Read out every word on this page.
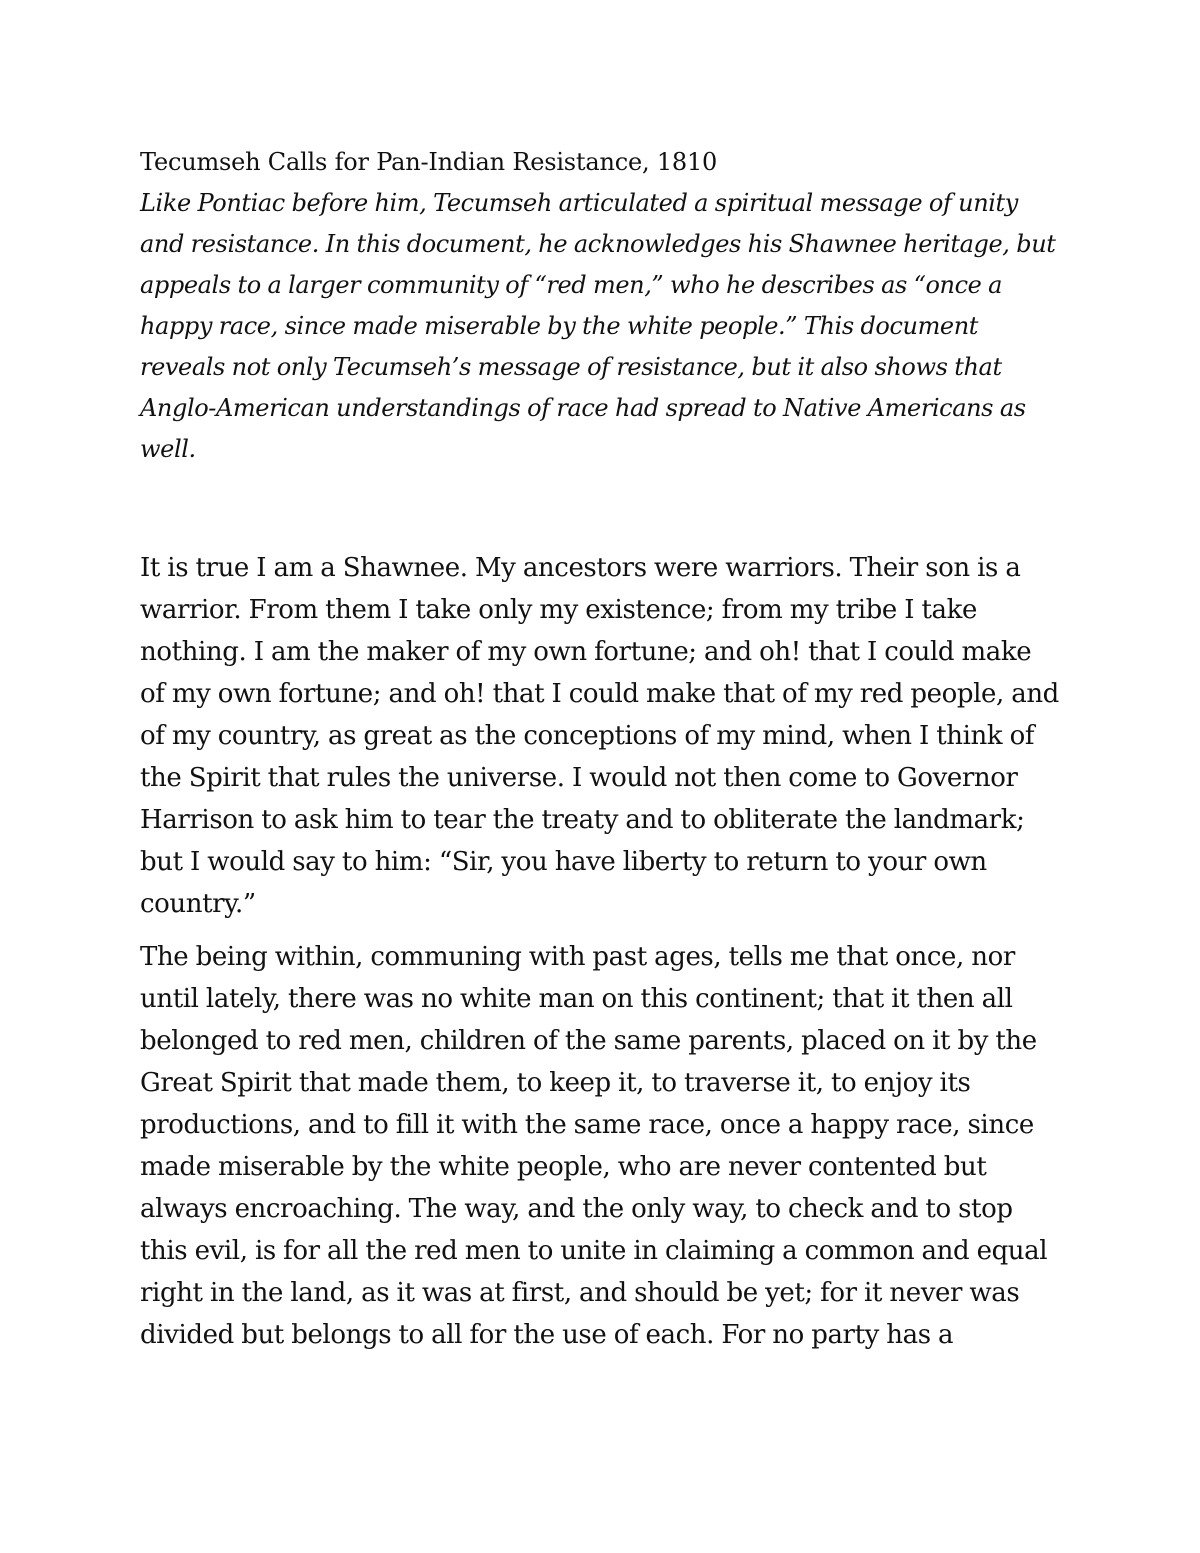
Tecumseh Calls for Pan-Indian Resistance, 1810

Like Pontiac before him, Tecumseh articulated a spiritual message of unity and resistance. In this document, he acknowledges his Shawnee heritage, but appeals to a larger community of “red men,” who he describes as “once a happy race, since made miserable by the white people.” This document reveals not only Tecumseh’s message of resistance, but it also shows that Anglo-American understandings of race had spread to Native Americans as well.

It is true I am a Shawnee. My ancestors were warriors. Their son is a warrior. From them I take only my existence; from my tribe I take nothing. I am the maker of my own fortune; and oh! that I could make of my own fortune; and oh! that I could make that of my red people, and of my country, as great as the conceptions of my mind, when I think of the Spirit that rules the universe. I would not then come to Governor Harrison to ask him to tear the treaty and to obliterate the landmark; but I would say to him: “Sir, you have liberty to return to your own country.”

The being within, communing with past ages, tells me that once, nor until lately, there was no white man on this continent; that it then all belonged to red men, children of the same parents, placed on it by the Great Spirit that made them, to keep it, to traverse it, to enjoy its productions, and to fill it with the same race, once a happy race, since made miserable by the white people, who are never contented but always encroaching. The way, and the only way, to check and to stop this evil, is for all the red men to unite in claiming a common and equal right in the land, as it was at first, and should be yet; for it never was divided but belongs to all for the use of each. For no party has a
